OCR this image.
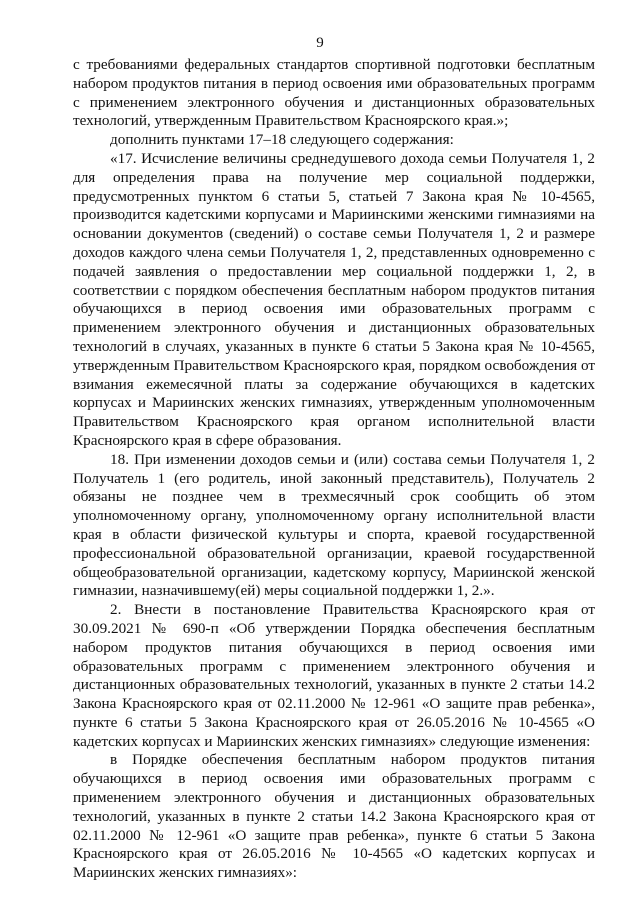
9

с требованиями федеральных стандартов спортивной подготовки бесплатным набором продуктов питания в период освоения ими образовательных программ с применением электронного обучения и дистанционных образовательных технологий, утвержденным Правительством Красноярского края.»;

дополнить пунктами 17–18 следующего содержания:

«17. Исчисление величины среднедушевого дохода семьи Получателя 1, 2 для определения права на получение мер социальной поддержки, предусмотренных пунктом 6 статьи 5, статьей 7 Закона края № 10-4565, производится кадетскими корпусами и Мариинскими женскими гимназиями на основании документов (сведений) о составе семьи Получателя 1, 2 и размере доходов каждого члена семьи Получателя 1, 2, представленных одновременно с подачей заявления о предоставлении мер социальной поддержки 1, 2, в соответствии с порядком обеспечения бесплатным набором продуктов питания обучающихся в период освоения ими образовательных программ с применением электронного обучения и дистанционных образовательных технологий в случаях, указанных в пункте 6 статьи 5 Закона края № 10-4565, утвержденным Правительством Красноярского края, порядком освобождения от взимания ежемесячной платы за содержание обучающихся в кадетских корпусах и Мариинских женских гимназиях, утвержденным уполномоченным Правительством Красноярского края органом исполнительной власти Красноярского края в сфере образования.

18. При изменении доходов семьи и (или) состава семьи Получателя 1, 2 Получатель 1 (его родитель, иной законный представитель), Получатель 2 обязаны не позднее чем в трехмесячный срок сообщить об этом уполномоченному органу, уполномоченному органу исполнительной власти края в области физической культуры и спорта, краевой государственной профессиональной образовательной организации, краевой государственной общеобразовательной организации, кадетскому корпусу, Мариинской женской гимназии, назначившему(ей) меры социальной поддержки 1, 2.».

2. Внести в постановление Правительства Красноярского края от 30.09.2021 № 690-п «Об утверждении Порядка обеспечения бесплатным набором продуктов питания обучающихся в период освоения ими образовательных программ с применением электронного обучения и дистанционных образовательных технологий, указанных в пункте 2 статьи 14.2 Закона Красноярского края от 02.11.2000 № 12-961 «О защите прав ребенка», пункте 6 статьи 5 Закона Красноярского края от 26.05.2016 № 10-4565 «О кадетских корпусах и Мариинских женских гимназиях» следующие изменения:

в Порядке обеспечения бесплатным набором продуктов питания обучающихся в период освоения ими образовательных программ с применением электронного обучения и дистанционных образовательных технологий, указанных в пункте 2 статьи 14.2 Закона Красноярского края от 02.11.2000 № 12-961 «О защите прав ребенка», пункте 6 статьи 5 Закона Красноярского края от 26.05.2016 № 10-4565 «О кадетских корпусах и Мариинских женских гимназиях»:
